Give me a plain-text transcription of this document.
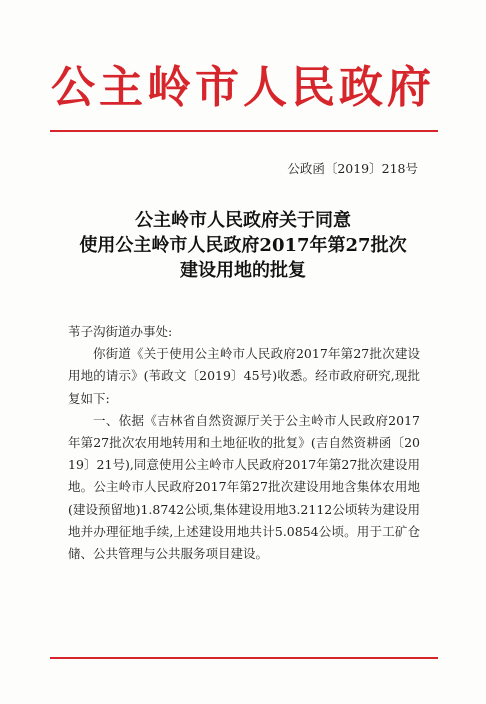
公主岭市人民政府
公政函〔2019〕218号
公主岭市人民政府关于同意
使用公主岭市人民政府2017年第27批次
建设用地的批复

苇子沟街道办事处:

你街道《关于使用公主岭市人民政府2017年第27批次建设用地的请示》(苇政文〔2019〕45号)收悉。经市政府研究,现批复如下:

一、依据《吉林省自然资源厅关于公主岭市人民政府2017年第27批次农用地转用和土地征收的批复》(吉自然资耕函〔2019〕21号),同意使用公主岭市人民政府2017年第27批次建设用地。公主岭市人民政府2017年第27批次建设用地含集体农用地(建设预留地)1.8742公顷,集体建设用地3.2112公顷转为建设用地并办理征地手续,上述建设用地共计5.0854公顷。用于工矿仓储、公共管理与公共服务项目建设。
